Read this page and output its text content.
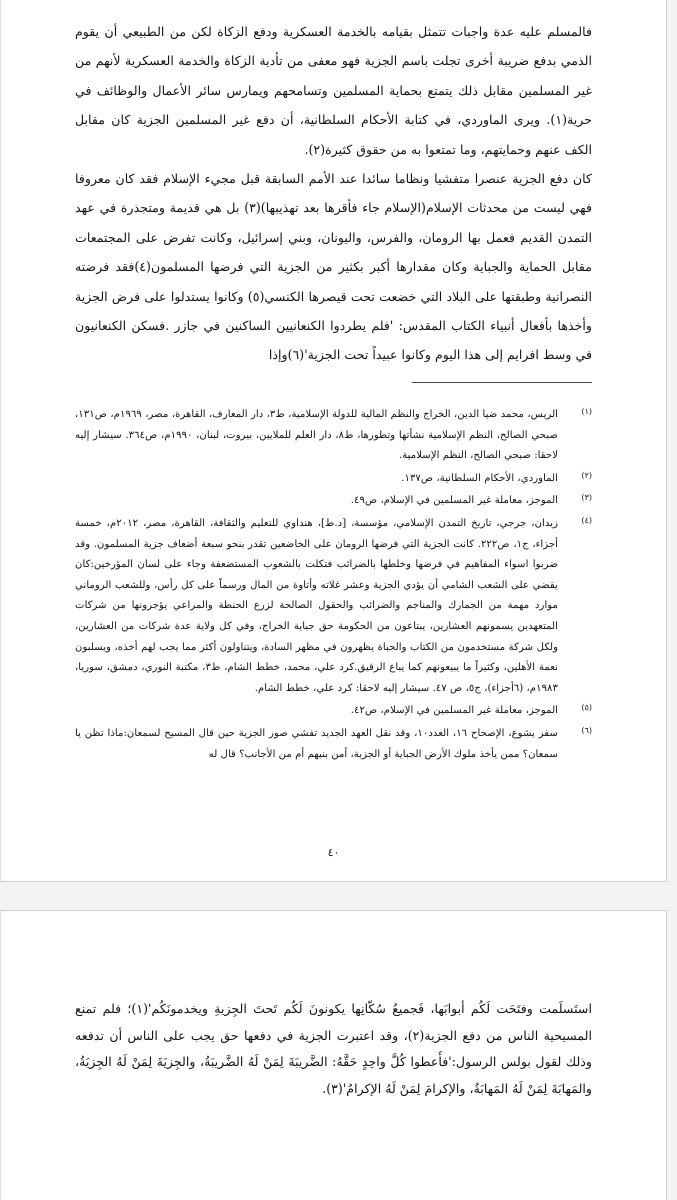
فالمسلم عليه عدة واجبات تتمثل بقيامه بالخدمة العسكرية ودفع الزكاة لكن من الطبيعي أن يقوم الذمي بدفع ضريبة أخرى تجلت باسم الجزية فهو معفى من تأدية الزكاة والخدمة العسكرية لأنهم من غير المسلمين مقابل ذلك يتمتع بحماية المسلمين وتسامحهم ويمارس سائر الأعمال والوظائف في حرية(١). ويرى الماوردي، في كتابة الأحكام السلطانية، أن دفع غير المسلمين الجزية كان مقابل الكف عنهم وحمايتهم، وما تمتعوا به من حقوق كثيرة(٢).

كان دفع الجزية عنصرا متفشيا ونظاما سائدا عند الأمم السابقة قبل مجيء الإسلام فقد كان معروفا فهي ليست من محدثات الإسلام(الإسلام جاء فأقرها بعد تهذيبها)(٣) بل هي قديمة ومتجذرة في عهد التمدن القديم فعمل بها الرومان، والفرس، واليونان، وبني إسرائيل، وكانت تفرض على المجتمعات مقابل الحماية والجباية وكان مقدارها أكبر بكثير من الجزية التي فرضها المسلمون(٤)فقد فرضته النصرانية وطبقتها على البلاد التي خضعت تحت قيصرها الكنسي(٥) وكانوا يستدلوا على فرض الجزية وأخذها بأفعال أنبياء الكتاب المقدس: 'فلم يطردوا الكنعانيين الساكنين في جازر .فسكن الكنعانيون في وسط افرايم إلى هذا اليوم وكانوا عبيداً تحت الجزية'(٦)وإذا

(١)
الريس، محمد ضيا الدين، الخراج والنظم المالية للدولة الإسلامية، ط٣، دار المعارف، القاهرة، مصر، ١٩٦٩م، ص١٣١، صبحي الصالح، النظم الإسلامية نشأتها وتطورها، ط٨، دار العلم للملايين، بيروت، لبنان، ١٩٩٠م، ص٣٦٤. سيشار إليه لاحقا: صبحي الصالح، النظم الإسلامية.
(٢)
الماوردي، الأحكام السلطانية، ص١٣٧.
(٣)
الموجز، معاملة غير المسلمين في الإسلام، ص٤٩.
(٤)
زيدان، جرجي، تاريخ التمدن الإسلامي، مؤسسة، [د.ط]، هنداوي للتعليم والثقافة، القاهرة، مصر، ٢٠١٢م، خمسة أجزاء، ج١، ص٢٢٢. كانت الجزية التي فرضها الرومان على الخاضعين تقدر بنحو سبعة أضعاف جزية المسلمون. وقد ضربوا اسواء المفاهيم في فرضها وخلطها بالضرائب فتكلت بالشعوب المستضعفة وجاء على لسان المؤرخين:كان يقضي على الشعب الشامي أن يؤدي الجزية وعشر غلاته وأتاوة من المال ورسماً على كل رأس، وللشعب الروماني موارد مهمة من الجمارك والمناجم والضرائب والحقول الصالحة لزرع الحنطة والمراعي يؤجرونها من شركات المتعهدين يسمونهم العشارين، يبتاعون من الحكومة حق جباية الخراج، وفي كل ولاية عدة شركات من العشارين، ولكل شركة مستخدمون من الكتاب والجباة يظهرون في مظهر السادة، ويتناولون أكثر مما يجب لهم أخذه، ويسلبون نعمة الأهلين، وكثيراً ما يبيعونهم كما يباع الرقيق.كرد علي، محمد، خطط الشام، ط٣، مكتبة النوري، دمشق، سوريا، ١٩٨٣م، (٦أجزاء)، ج٥، ص ٤٧. سيشار إليه لاحقا: كرد علي، خطط الشام.
(٥)
الموجز، معاملة غير المسلمين في الإسلام، ص٤٢.
(٦)
سفر يشوع، الإصحاح ١٦، العدد١٠، وقد نقل العهد الجديد تفشي صور الجزية حين قال المسيح لسمعان:ماذا تظن يا سمعان؟ ممن يأخذ ملوك الأرض الجباية أو الجزية، أمن بنيهم أم من الأجانب؟ قال له
٤٠

استَسلَمت وفتَحَت لَكُم أبوابَها، فَجميعُ سُكّانِها يكونونَ لَكُم تَحتَ الجِزيةِ ويخدمونَكُم'(١)؛ فلم تمنع المسيحية الناس من دفع الجزية(٢)، وقد اعتبرت الجزية في دفعها حق يجب على الناس أن تدفعه وذلك لقول بولس الرسول:'فأَعطوا كُلَّ واحِدٍ حَقَّهُ: الضَّريبَةَ لِمَنْ لَهُ الضَّريبَةُ، والجِزيَةَ لِمَنْ لَهُ الجِزيَةُ، والمَهابَةَ لِمَنْ لَهُ المَهابَةُ، والإكرامَ لِمَنْ لَهُ الإكرامُ'(٣).
